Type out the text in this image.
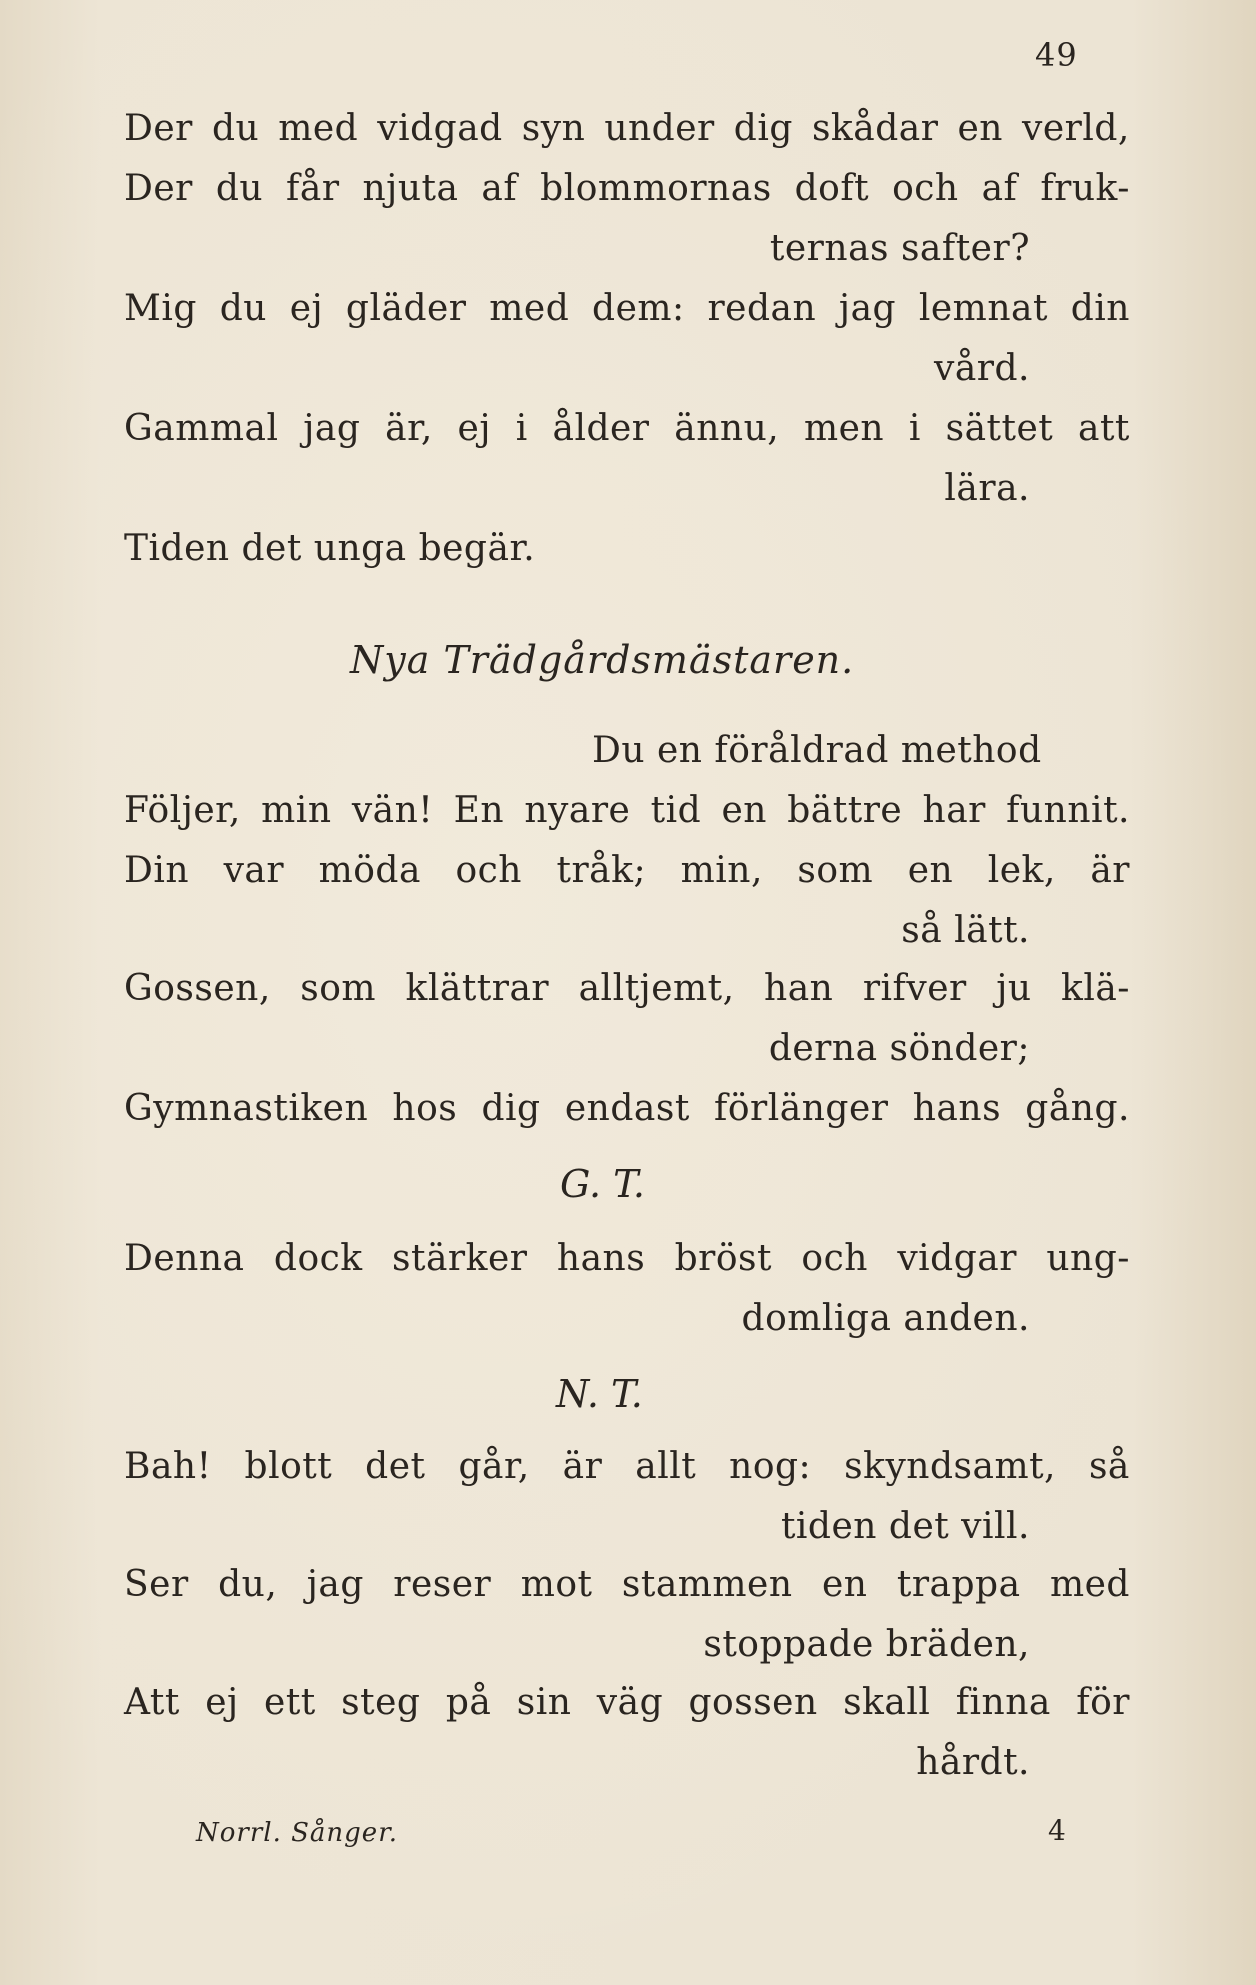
49
Der du med vidgad syn under dig skådar en verld,
Der du får njuta af blommornas doft och af fruk-
ternas safter?
Mig du ej gläder med dem: redan jag lemnat din
vård.
Gammal jag är, ej i ålder ännu, men i sättet att
lära.
Tiden det unga begär.
Nya Trädgårdsmästaren.
Du en föråldrad method
Följer, min vän! En nyare tid en bättre har funnit.
Din var möda och tråk; min, som en lek, är
så lätt.
Gossen, som klättrar alltjemt, han rifver ju klä-
derna sönder;
Gymnastiken hos dig endast förlänger hans gång.
G. T.
Denna dock stärker hans bröst och vidgar ung-
domliga anden.
N. T.
Bah! blott det går, är allt nog: skyndsamt, så
tiden det vill.
Ser du, jag reser mot stammen en trappa med
stoppade bräden,
Att ej ett steg på sin väg gossen skall finna för
hårdt.
Norrl. Sånger.	4
